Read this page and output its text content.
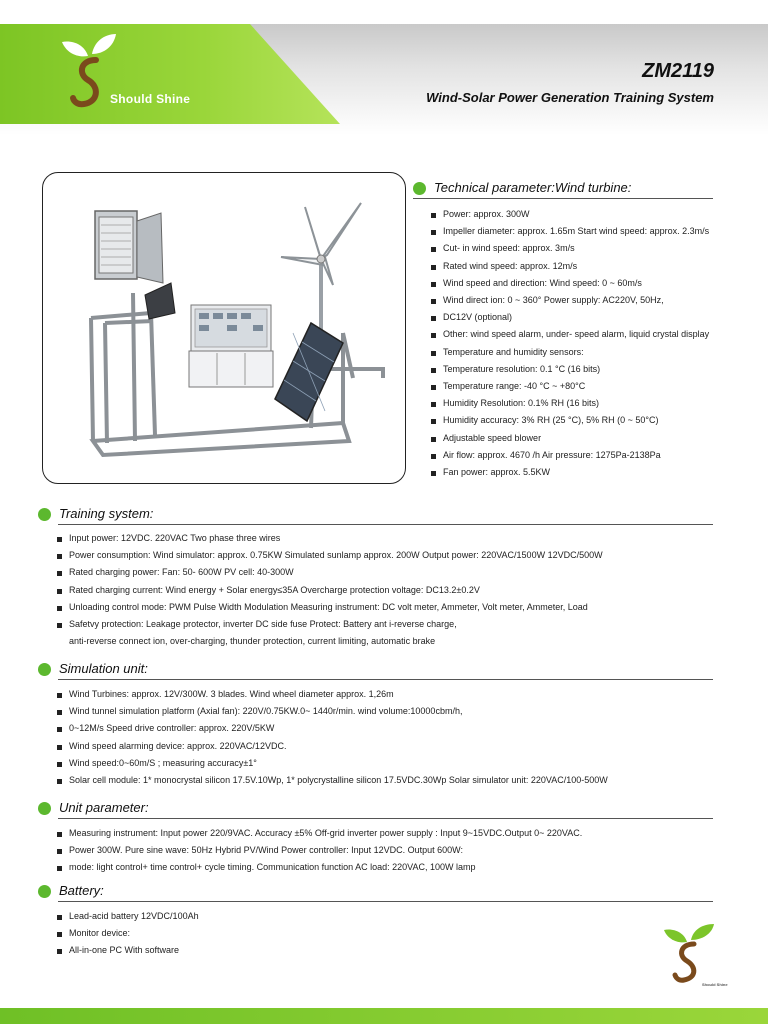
Should Shine
ZM2119
Wind-Solar Power Generation Training System
Technical parameter:Wind turbine:
Power: approx. 300W
Impeller diameter: approx. 1.65m Start wind speed: approx. 2.3m/s
Cut- in wind speed: approx. 3m/s
Rated wind speed: approx. 12m/s
Wind speed and direction: Wind speed: 0 ~ 60m/s
Wind direct ion: 0 ~ 360° Power supply: AC220V, 50Hz,
DC12V (optional)
Other: wind speed alarm, under- speed alarm, liquid crystal display
Temperature and humidity sensors:
Temperature resolution: 0.1 °C (16 bits)
Temperature range: -40 °C ~ +80°C
Humidity Resolution: 0.1% RH (16 bits)
Humidity accuracy: 3% RH (25 °C), 5% RH (0 ~ 50°C)
Adjustable speed blower
Air flow: approx. 4670 /h Air pressure: 1275Pa-2138Pa
Fan power: approx. 5.5KW
Training system:
Input power: 12VDC. 220VAC Two phase three wires
Power consumption: Wind simulator: approx. 0.75KW Simulated sunlamp approx. 200W Output power: 220VAC/1500W 12VDC/500W
Rated charging power: Fan: 50- 600W PV cell: 40-300W
Rated charging current: Wind energy + Solar energy≤35A Overcharge protection voltage: DC13.2±0.2V
Unloading control mode: PWM Pulse Width Modulation Measuring instrument: DC volt meter, Ammeter, Volt meter, Ammeter, Load
Safetvy protection: Leakage protector, inverter DC side fuse Protect: Battery ant i-reverse charge,
anti-reverse connect ion, over-charging, thunder protection, current limiting, automatic brake
Simulation unit:
Wind Turbines: approx. 12V/300W. 3 blades. Wind wheel diameter approx. 1,26m
Wind tunnel simulation platform (Axial fan): 220V/0.75KW.0~ 1440r/min. wind volume:10000cbm/h,
0~12M/s Speed drive controller: approx. 220V/5KW
Wind speed alarming device: approx. 220VAC/12VDC.
Wind speed:0~60m/S ; measuring accuracy±1°
Solar cell module: 1* monocrystal silicon 17.5V.10Wp, 1* polycrystalline silicon 17.5VDC.30Wp Solar simulator unit: 220VAC/100-500W
Unit parameter:
Measuring instrument: Input power 220/9VAC. Accuracy ±5% Off-grid inverter power supply : Input 9~15VDC.Output 0~ 220VAC.
Power 300W. Pure sine wave: 50Hz Hybrid PV/Wind Power controller: Input 12VDC. Output 600W:
mode: light control+ time control+ cycle timing. Communication function AC load: 220VAC, 100W lamp
Battery:
Lead-acid battery 12VDC/100Ah
Monitor device:
All-in-one PC With software
Should Shine
